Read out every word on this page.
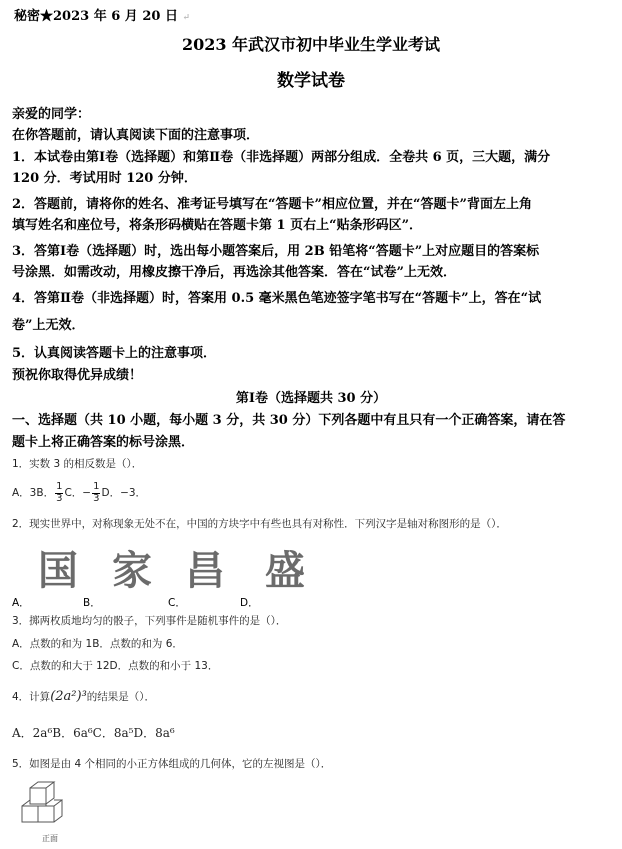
秘密★2023 年 6 月 20 日 ↵
2023 年武汉市初中毕业生学业考试
数学试卷
亲爱的同学：
在你答题前，请认真阅读下面的注意事项．
1．本试卷由第Ⅰ卷（选择题）和第Ⅱ卷（非选择题）两部分组成．全卷共 6 页，三大题，满分
120 分．考试用时 120 分钟．
2．答题前，请将你的姓名、准考证号填写在“答题卡”相应位置，并在“答题卡”背面左上角
填写姓名和座位号，将条形码横贴在答题卡第 1 页右上“贴条形码区”．
3．答第Ⅰ卷（选择题）时，选出每小题答案后，用 2B 铅笔将“答题卡”上对应题目的答案标
号涂黑．如需改动，用橡皮擦干净后，再选涂其他答案．答在“试卷”上无效．
4．答第Ⅱ卷（非选择题）时，答案用 0.5 毫米黑色笔迹签字笔书写在“答题卡”上，答在“试
卷”上无效．
5．认真阅读答题卡上的注意事项．
预祝你取得优异成绩！
第Ⅰ卷（选择题共 30 分）
一、选择题（共 10 小题，每小题 3 分，共 30 分）下列各题中有且只有一个正确答案，请在答
题卡上将正确答案的标号涂黑．
1．实数 3 的相反数是（）．
A．3B． $\frac{1}{3}$ C．− $\frac{1}{3}$ D．−3．
2．现实世界中，对称现象无处不在，中国的方块字中有些也具有对称性．下列汉字是轴对称图形的是（）．
国 家 昌 盛
A．	B．	C．	D．
3．掷两枚质地均匀的骰子，下列事件是随机事件的是（）．
A．点数的和为 1B．点数的和为 6．
C．点数的和大于 12D．点数的和小于 13．
4．计算(2a²)³的结果是（）．
A．2a⁶B．6a⁶C．8a⁵D．8a⁶
5．如图是由 4 个相同的小正方体组成的几何体，它的左视图是（）．
正面
